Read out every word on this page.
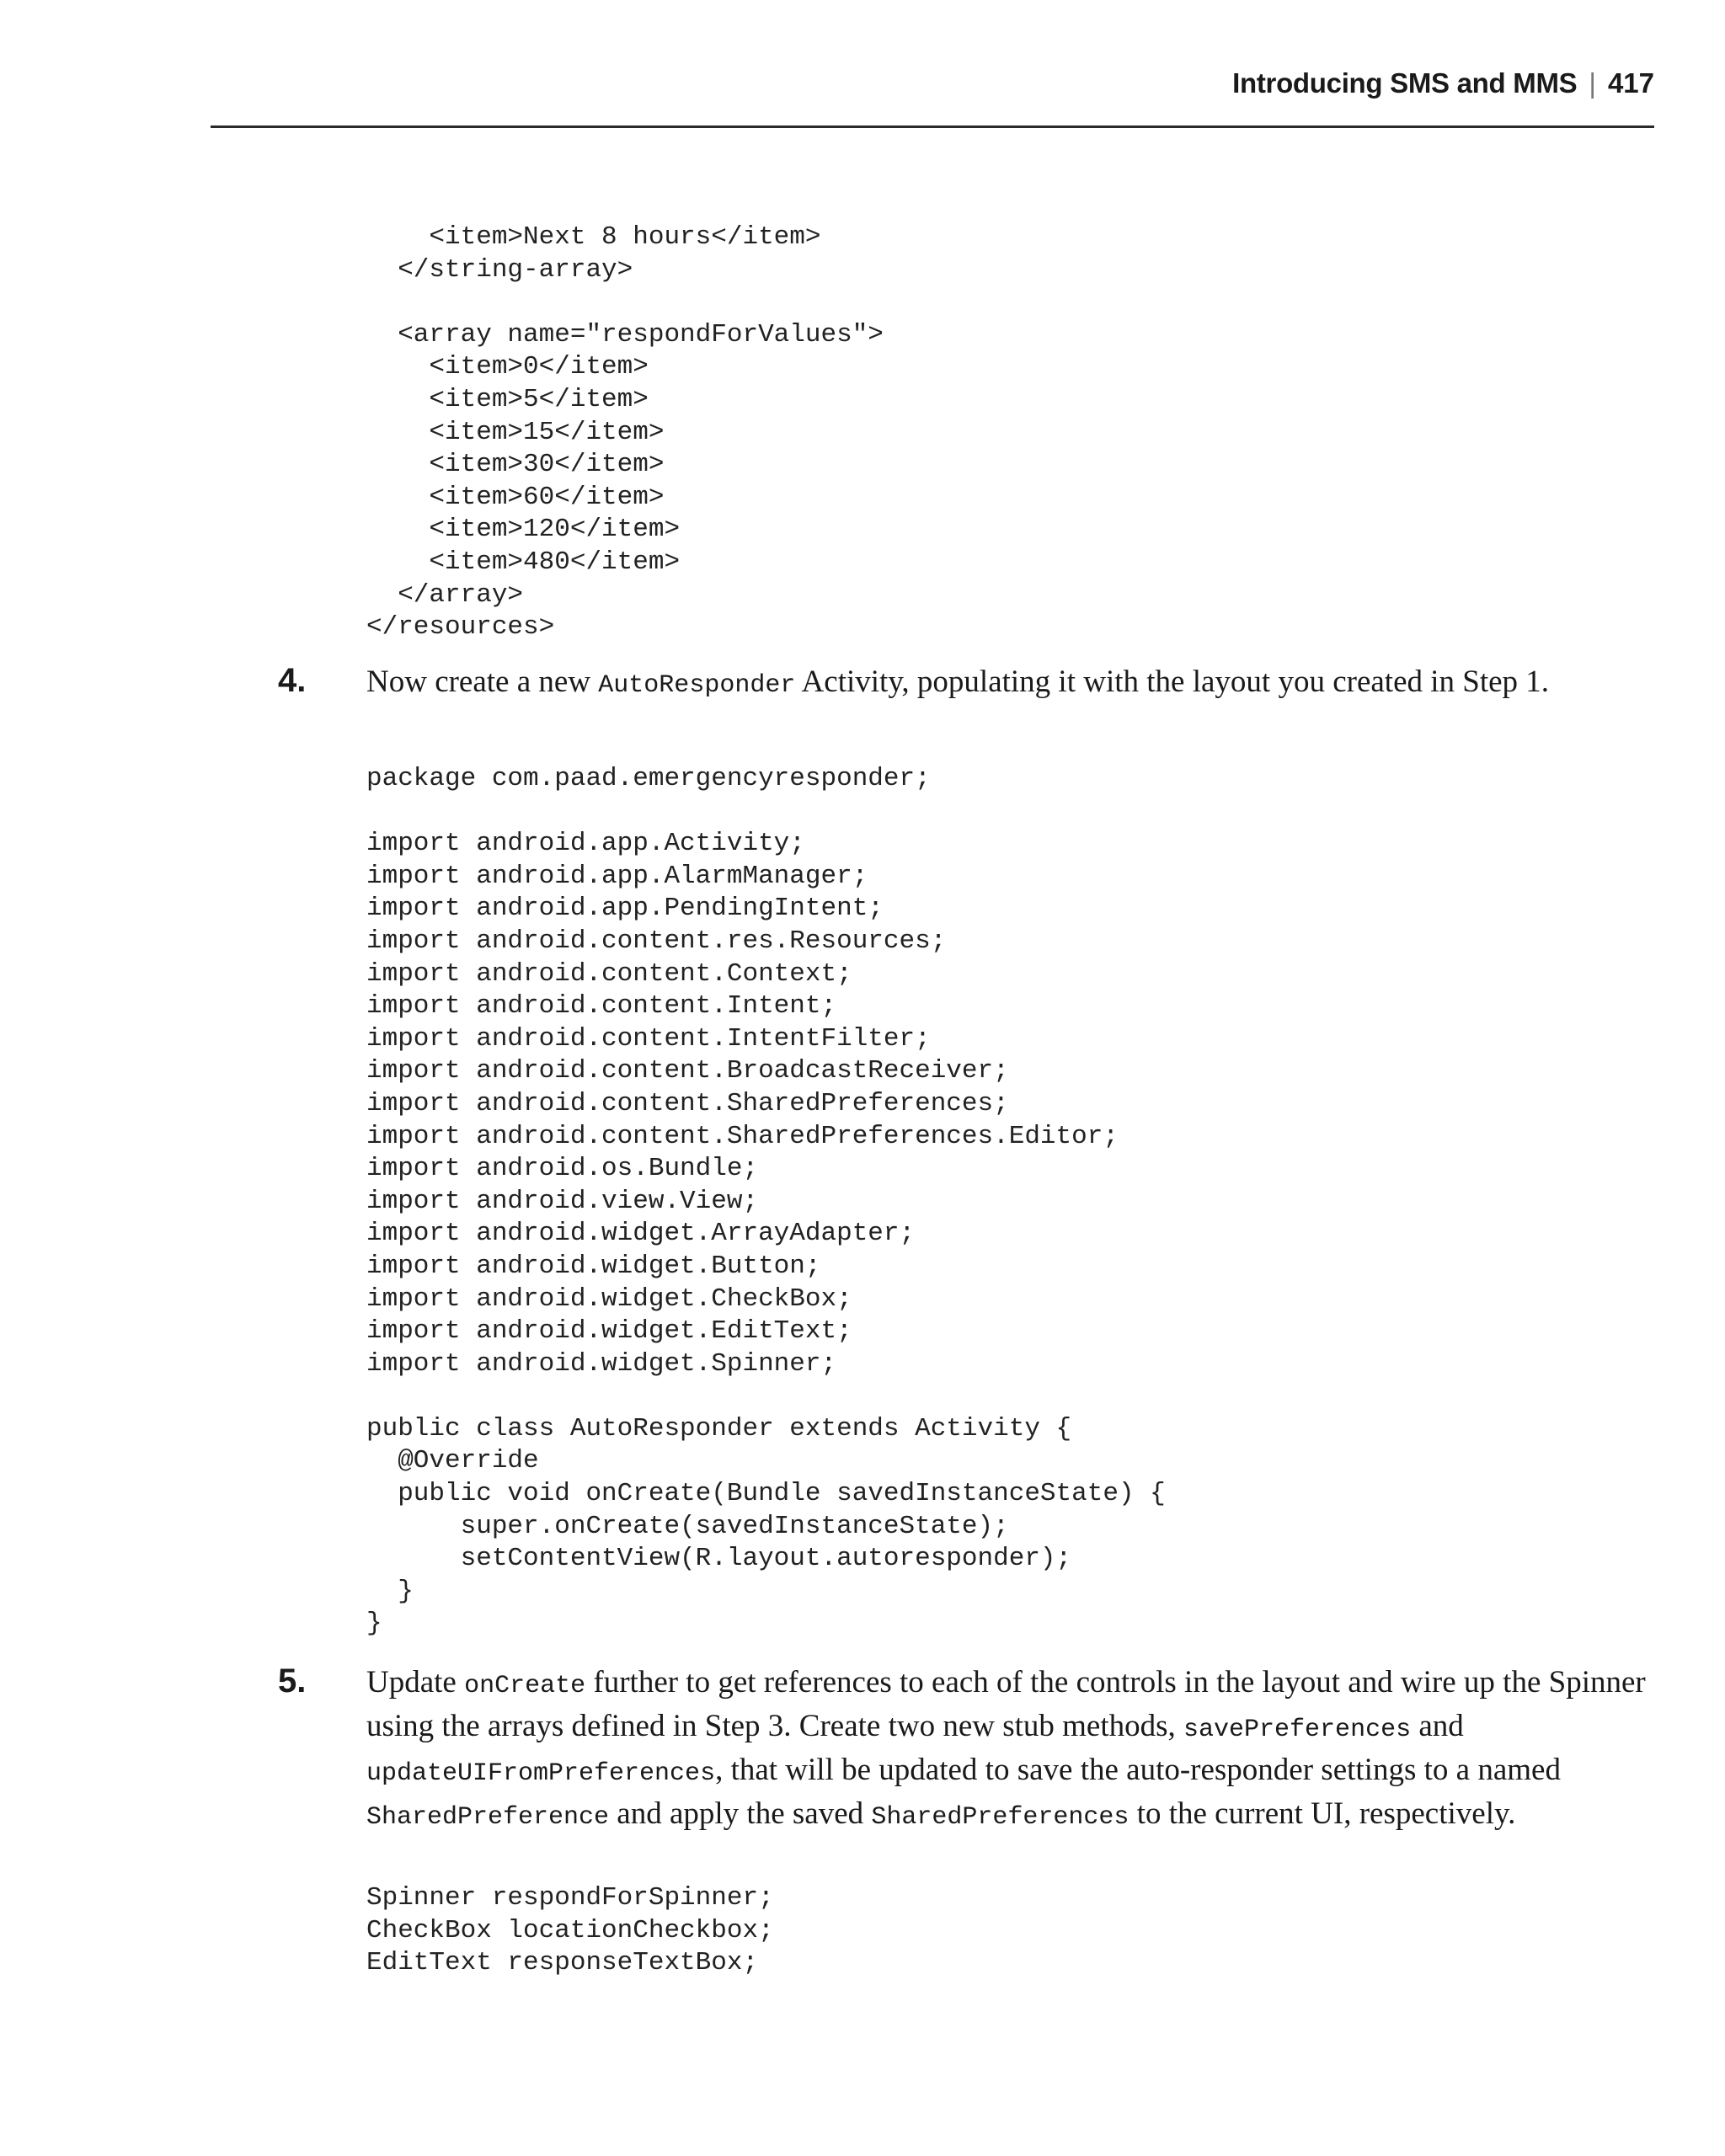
Introducing SMS and MMS | 417
<item>Next 8 hours</item>
</string-array>

<array name="respondForValues">
<item>0</item>
<item>5</item>
<item>15</item>
<item>30</item>
<item>60</item>
<item>120</item>
<item>480</item>
</array>
</resources>
4. Now create a new AutoResponder Activity, populating it with the layout you created in Step 1.
package com.paad.emergencyresponder;

import android.app.Activity;
import android.app.AlarmManager;
import android.app.PendingIntent;
import android.content.res.Resources;
import android.content.Context;
import android.content.Intent;
import android.content.IntentFilter;
import android.content.BroadcastReceiver;
import android.content.SharedPreferences;
import android.content.SharedPreferences.Editor;
import android.os.Bundle;
import android.view.View;
import android.widget.ArrayAdapter;
import android.widget.Button;
import android.widget.CheckBox;
import android.widget.EditText;
import android.widget.Spinner;

public class AutoResponder extends Activity {
@Override
public void onCreate(Bundle savedInstanceState) {
super.onCreate(savedInstanceState);
setContentView(R.layout.autoresponder);
}
}
5. Update onCreate further to get references to each of the controls in the layout and wire up the Spinner using the arrays defined in Step 3. Create two new stub methods, savePreferences and updateUIFromPreferences, that will be updated to save the auto-responder settings to a named SharedPreference and apply the saved SharedPreferences to the current UI, respectively.
Spinner respondForSpinner;
CheckBox locationCheckbox;
EditText responseTextBox;
